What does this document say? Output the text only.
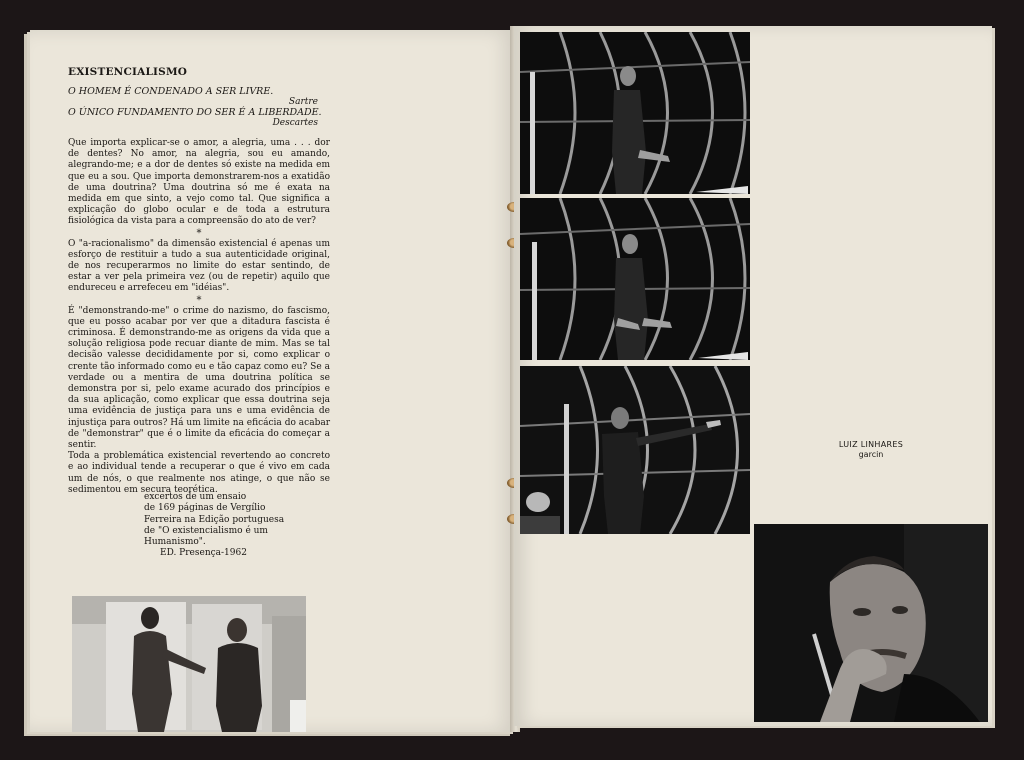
EXISTENCIALISMO

O HOMEM É CONDENADO A SER LIVRE.

Sartre

O ÚNICO FUNDAMENTO DO SER É A LIBERDADE.

Descartes

Que importa explicar-se o amor, a alegria, uma . . . dor de dentes? No amor, na alegria, sou eu amando, alegrando-me; e a dor de dentes só existe na medida em que eu a sou. Que importa demonstrarem-nos a exatidão de uma doutrina? Uma doutrina só me é exata na medida em que sinto, a vejo como tal. Que significa a explicação do globo ocular e de toda a estrutura fisiológica da vista para a compreensão do ato de ver?

*

O "a-racionalismo" da dimensão existencial é apenas um esforço de restituir a tudo a sua autenticidade original, de nos recuperarmos no limite do estar sentindo, de estar a ver pela primeira vez (ou de repetir) aquilo que endureceu e arrefeceu em "idéias".

*

É "demonstrando-me" o crime do nazismo, do fascismo, que eu posso acabar por ver que a ditadura fascista é criminosa. É demonstrando-me as origens da vida que a solução religiosa pode recuar diante de mim. Mas se tal decisão valesse decididamente por si, como explicar o crente tão informado como eu e tão capaz como eu? Se a verdade ou a mentira de uma doutrina política se demonstra por si, pelo exame acurado dos princípios e da sua aplicação, como explicar que essa doutrina seja uma evidência de justiça para uns e uma evidência de injustiça para outros? Há um limite na eficácia do acabar de "demonstrar" que é o limite da eficácia do começar a sentir.

Toda a problemática existencial revertendo ao concreto e ao individual tende a recuperar o que é vivo em cada um de nós, o que realmente nos atinge, o que não se sedimentou em secura teorética.

excertos de um ensaio
de 169 páginas de Vergílio
Ferreira na Edição portuguesa
de "O existencialismo é um
Humanismo".
ED. Presença-1962
LUIZ LINHARES
garcin
